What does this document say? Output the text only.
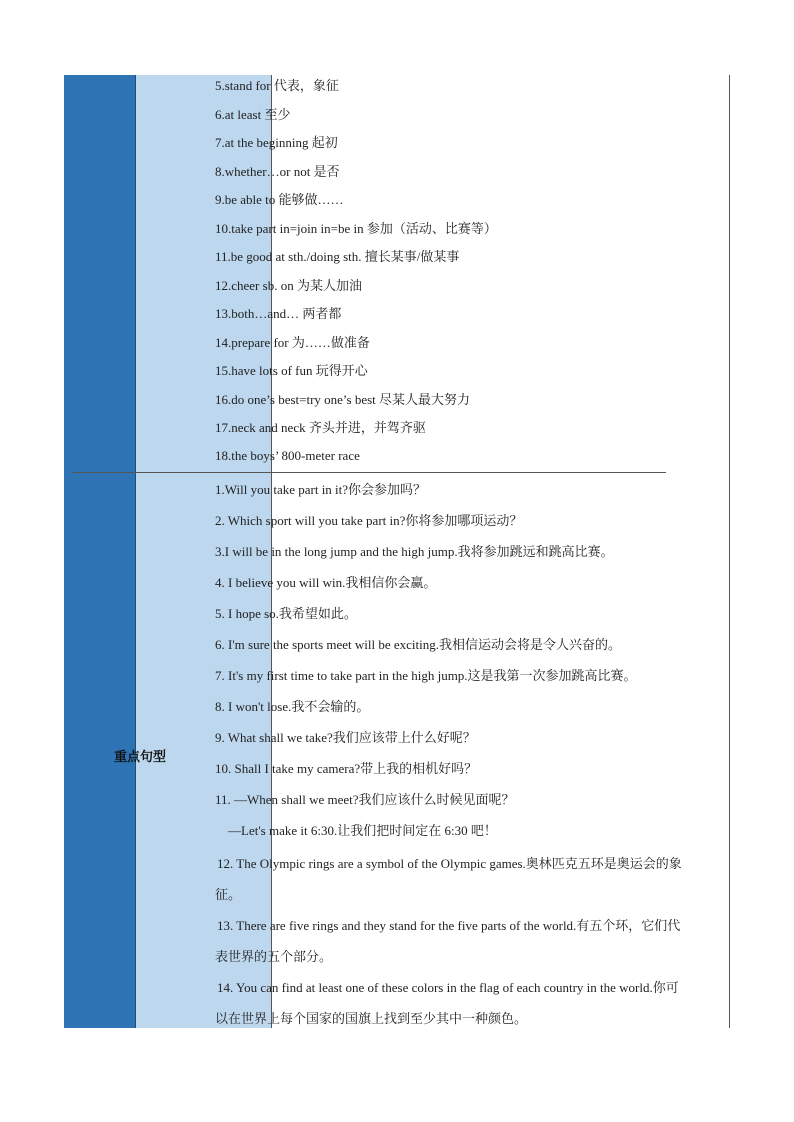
5.stand for 代表，象征
6.at least 至少
7.at the beginning 起初
8.whether…or not 是否
9.be able to 能够做……
10.take part in=join in=be in 参加（活动、比赛等）
11.be good at sth./doing sth. 擅长某事/做某事
12.cheer sb. on 为某人加油
13.both…and… 两者都
14.prepare for 为……做准备
15.have lots of fun 玩得开心
16.do one’s best=try one’s best 尽某人最大努力
17.neck and neck 齐头并进，并驾齐驱
18.the boys’ 800-meter race
重点句型
1.Will you take part in it?你会参加吗？
2. Which sport will you take part in?你将参加哪项运动？
3.I will be in the long jump and the high jump.我将参加跳远和跳高比赛。
4. I believe you will win.我相信你会赢。
5. I hope so.我希望如此。
6. I'm sure the sports meet will be exciting.我相信运动会将是令人兴奋的。
7. It's my first time to take part in the high jump.这是我第一次参加跳高比赛。
8. I won't lose.我不会输的。
9. What shall we take?我们应该带上什么好呢？
10. Shall I take my camera?带上我的相机好吗？
11. —When shall we meet?我们应该什么时候见面呢？
—Let's make it 6:30.让我们把时间定在 6:30 吧！
12. The Olympic rings are a symbol of the Olympic games.奥林匹克五环是奥运会的象
征。
13. There are five rings and they stand for the five parts of the world.有五个环，它们代
表世界的五个部分。
14. You can find at least one of these colors in the flag of each country in the world.你可
以在世界上每个国家的国旗上找到至少其中一种颜色。
